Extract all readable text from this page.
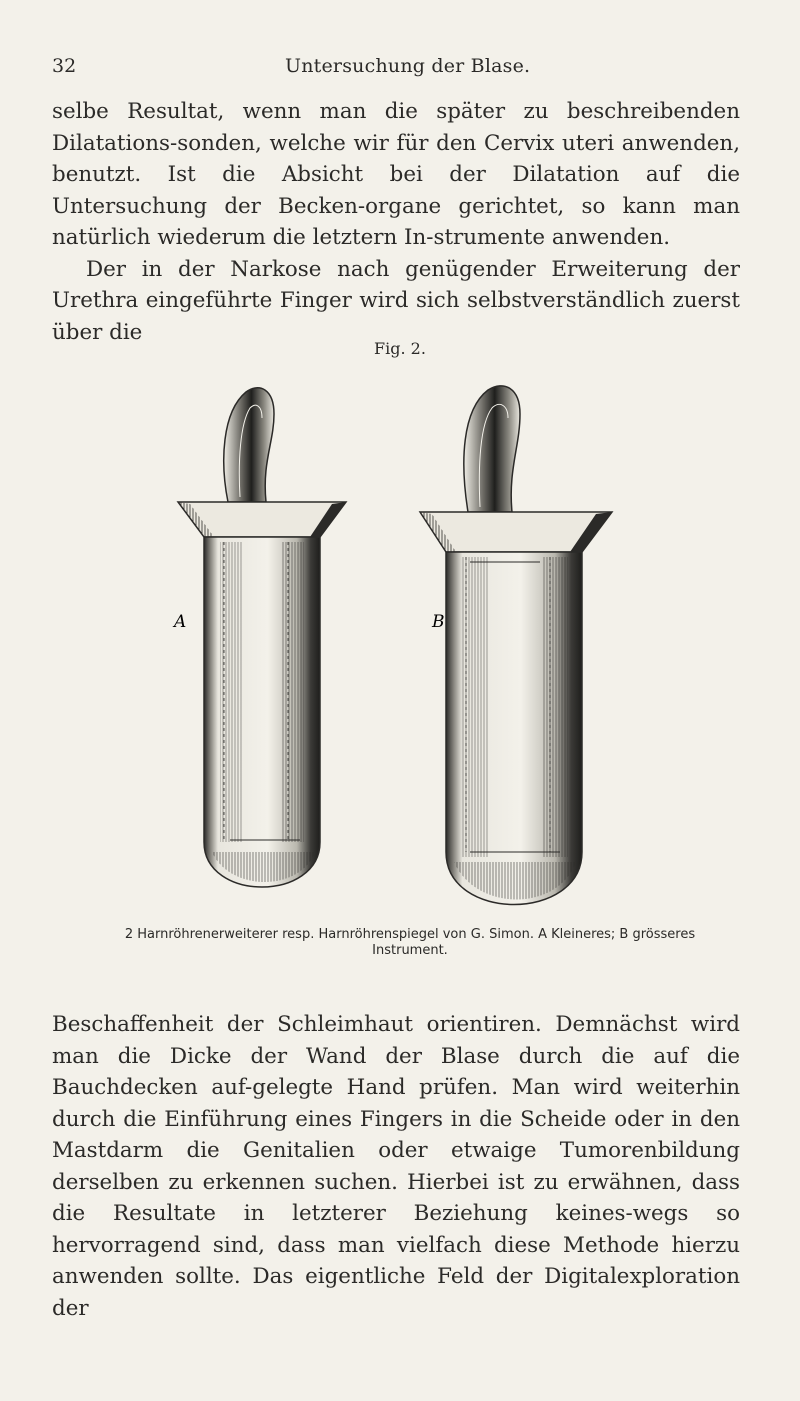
32	Untersuchung der Blase.

selbe Resultat, wenn man die später zu beschreibenden Dilatations-sonden, welche wir für den Cervix uteri anwenden, benutzt. Ist die Absicht bei der Dilatation auf die Untersuchung der Becken-organe gerichtet, so kann man natürlich wiederum die letztern In-strumente anwenden.

Der in der Narkose nach genügender Erweiterung der Urethra eingeführte Finger wird sich selbstverständlich zuerst über die

Fig. 2.
A	B
2 Harnröhrenerweiterer resp. Harnröhrenspiegel von G. Simon. A Kleineres; B grösseres
Instrument.

Beschaffenheit der Schleimhaut orientiren. Demnächst wird man die Dicke der Wand der Blase durch die auf die Bauchdecken auf-gelegte Hand prüfen. Man wird weiterhin durch die Einführung eines Fingers in die Scheide oder in den Mastdarm die Genitalien oder etwaige Tumorenbildung derselben zu erkennen suchen. Hierbei ist zu erwähnen, dass die Resultate in letzterer Beziehung keines-wegs so hervorragend sind, dass man vielfach diese Methode hierzu anwenden sollte. Das eigentliche Feld der Digitalexploration der
